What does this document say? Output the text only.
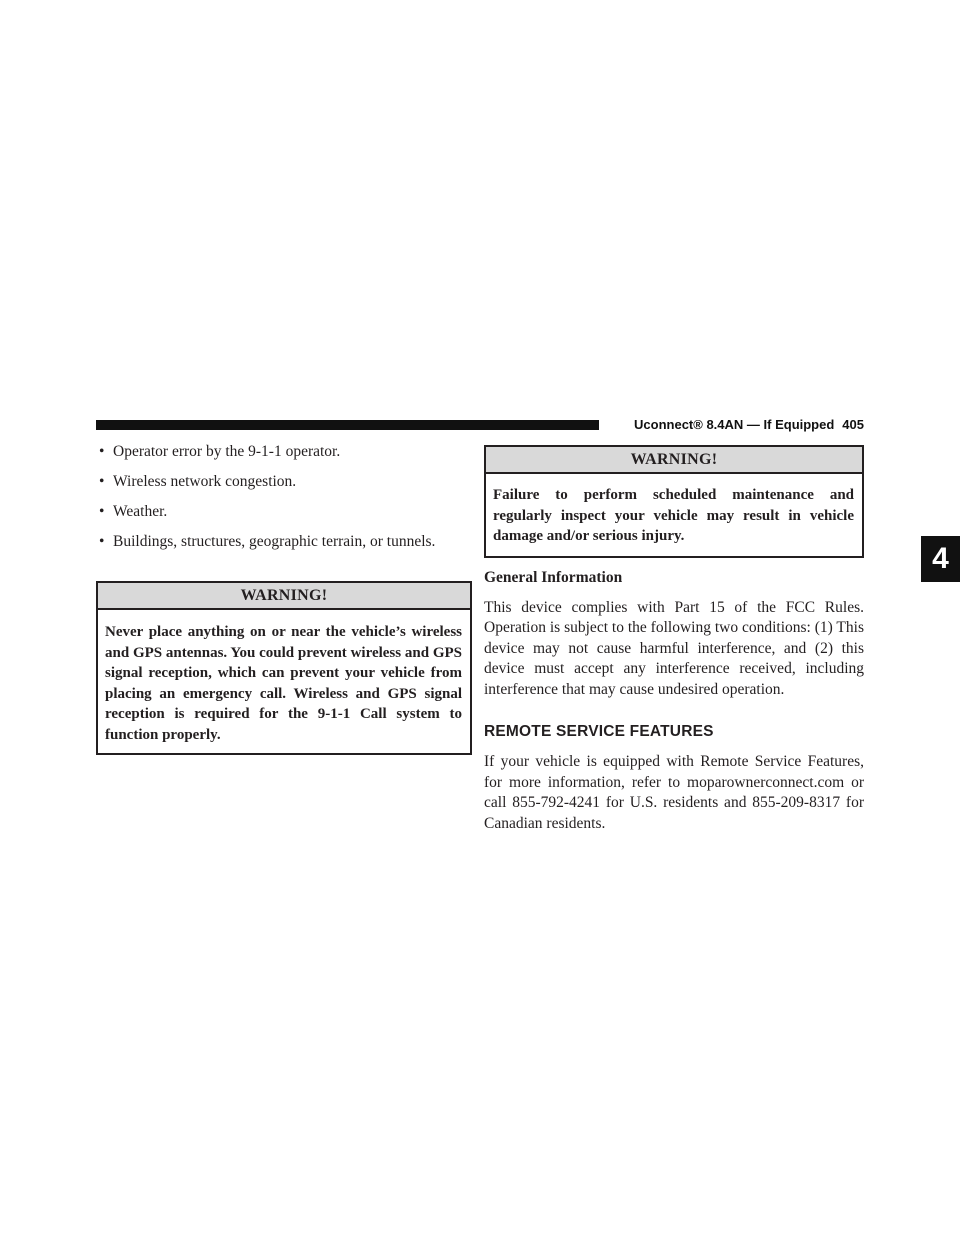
Uconnect® 8.4AN — If Equipped 405
4
• Operator error by the 9-1-1 operator.
• Wireless network congestion.
• Weather.
• Buildings, structures, geographic terrain, or tunnels.
WARNING!
Never place anything on or near the vehicle’s wireless and GPS antennas. You could prevent wireless and GPS signal reception, which can prevent your vehicle from placing an emergency call. Wireless and GPS signal reception is required for the 9-1-1 Call system to function properly.
WARNING!
Failure to perform scheduled maintenance and regularly inspect your vehicle may result in vehicle damage and/or serious injury.
General Information
This device complies with Part 15 of the FCC Rules. Operation is subject to the following two conditions: (1) This device may not cause harmful interference, and (2) this device must accept any interference received, including interference that may cause undesired operation.
REMOTE SERVICE FEATURES
If your vehicle is equipped with Remote Service Features, for more information, refer to moparownerconnect.com or call 855-792-4241 for U.S. residents and 855-209-8317 for Canadian residents.
